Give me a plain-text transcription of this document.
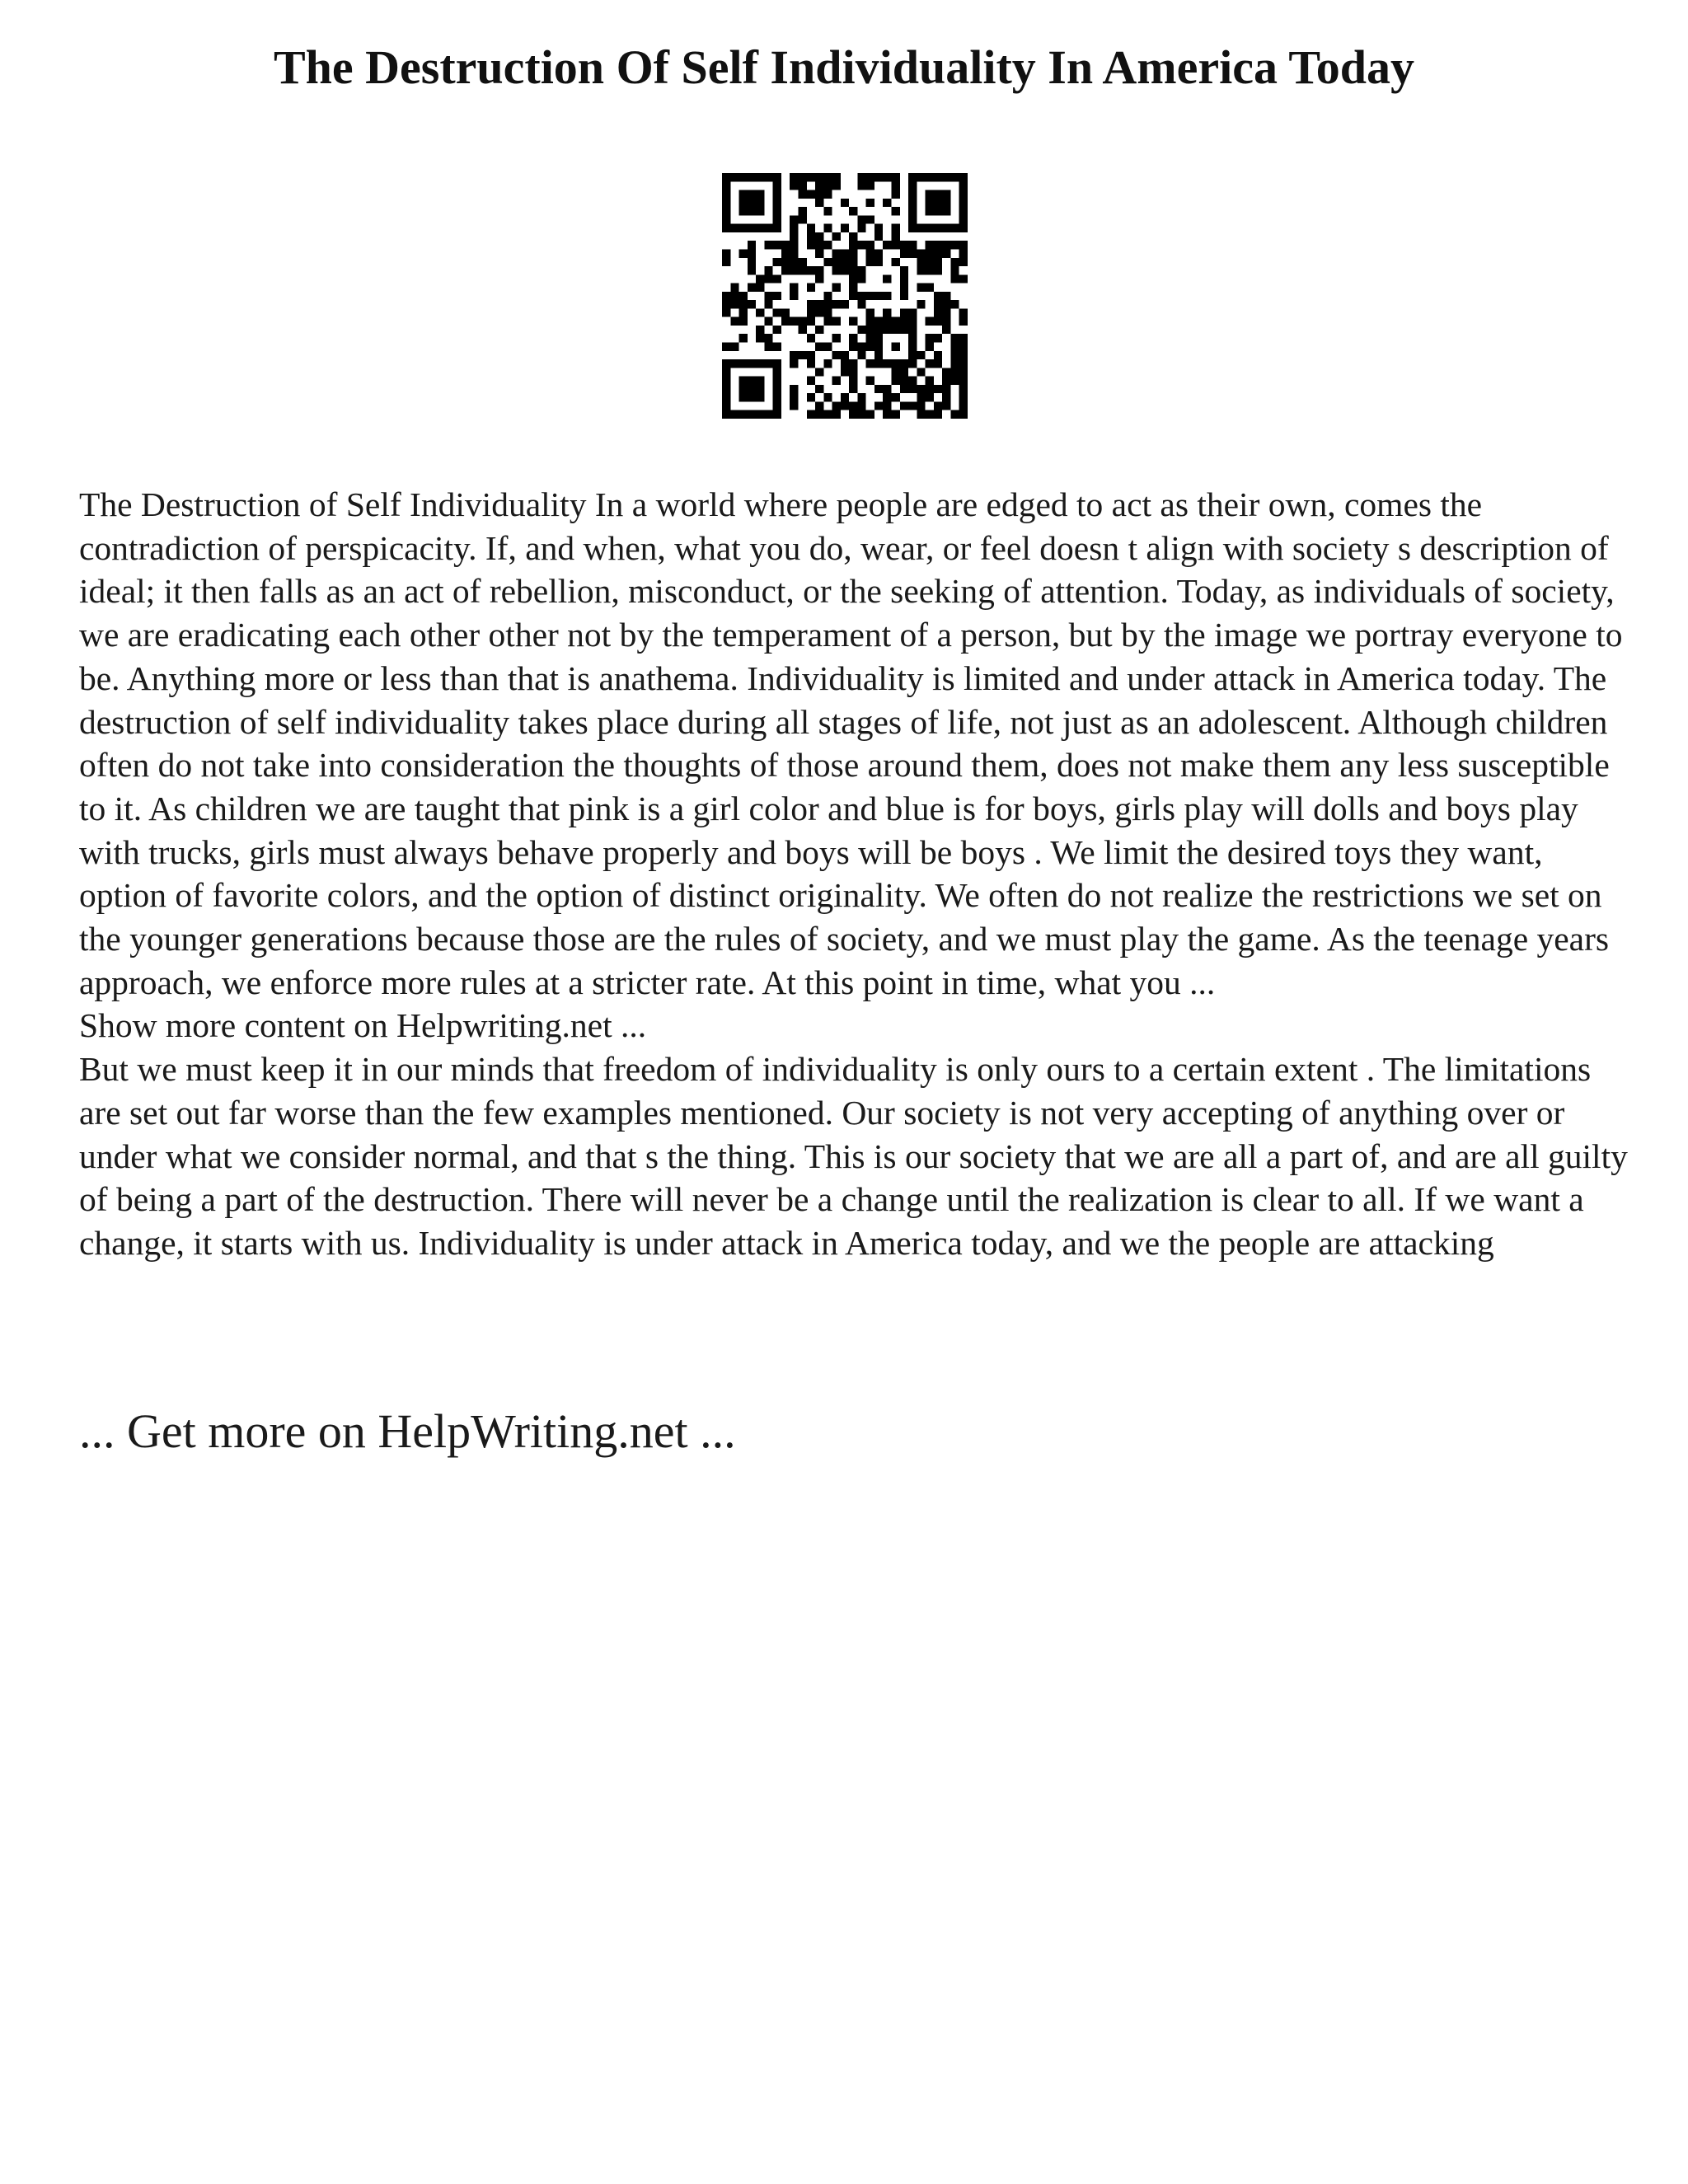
The Destruction Of Self Individuality In America Today

The Destruction of Self Individuality In a world where people are edged to act as their own, comes the contradiction of perspicacity. If, and when, what you do, wear, or feel doesn t align with society s description of ideal; it then falls as an act of rebellion, misconduct, or the seeking of attention. Today, as individuals of society, we are eradicating each other other not by the temperament of a person, but by the image we portray everyone to be. Anything more or less than that is anathema. Individuality is limited and under attack in America today. The destruction of self individuality takes place during all stages of life, not just as an adolescent. Although children often do not take into consideration the thoughts of those around them, does not make them any less susceptible to it. As children we are taught that pink is a girl color and blue is for boys, girls play will dolls and boys play with trucks, girls must always behave properly and boys will be boys . We limit the desired toys they want, option of favorite colors, and the option of distinct originality. We often do not realize the restrictions we set on the younger generations because those are the rules of society, and we must play the game. As the teenage years approach, we enforce more rules at a stricter rate. At this point in time, what you ...

Show more content on Helpwriting.net ...

But we must keep it in our minds that freedom of individuality is only ours to a certain extent . The limitations are set out far worse than the few examples mentioned. Our society is not very accepting of anything over or under what we consider normal, and that s the thing. This is our society that we are all a part of, and are all guilty of being a part of the destruction. There will never be a change until the realization is clear to all. If we want a change, it starts with us. Individuality is under attack in America today, and we the people are attacking

... Get more on HelpWriting.net ...
